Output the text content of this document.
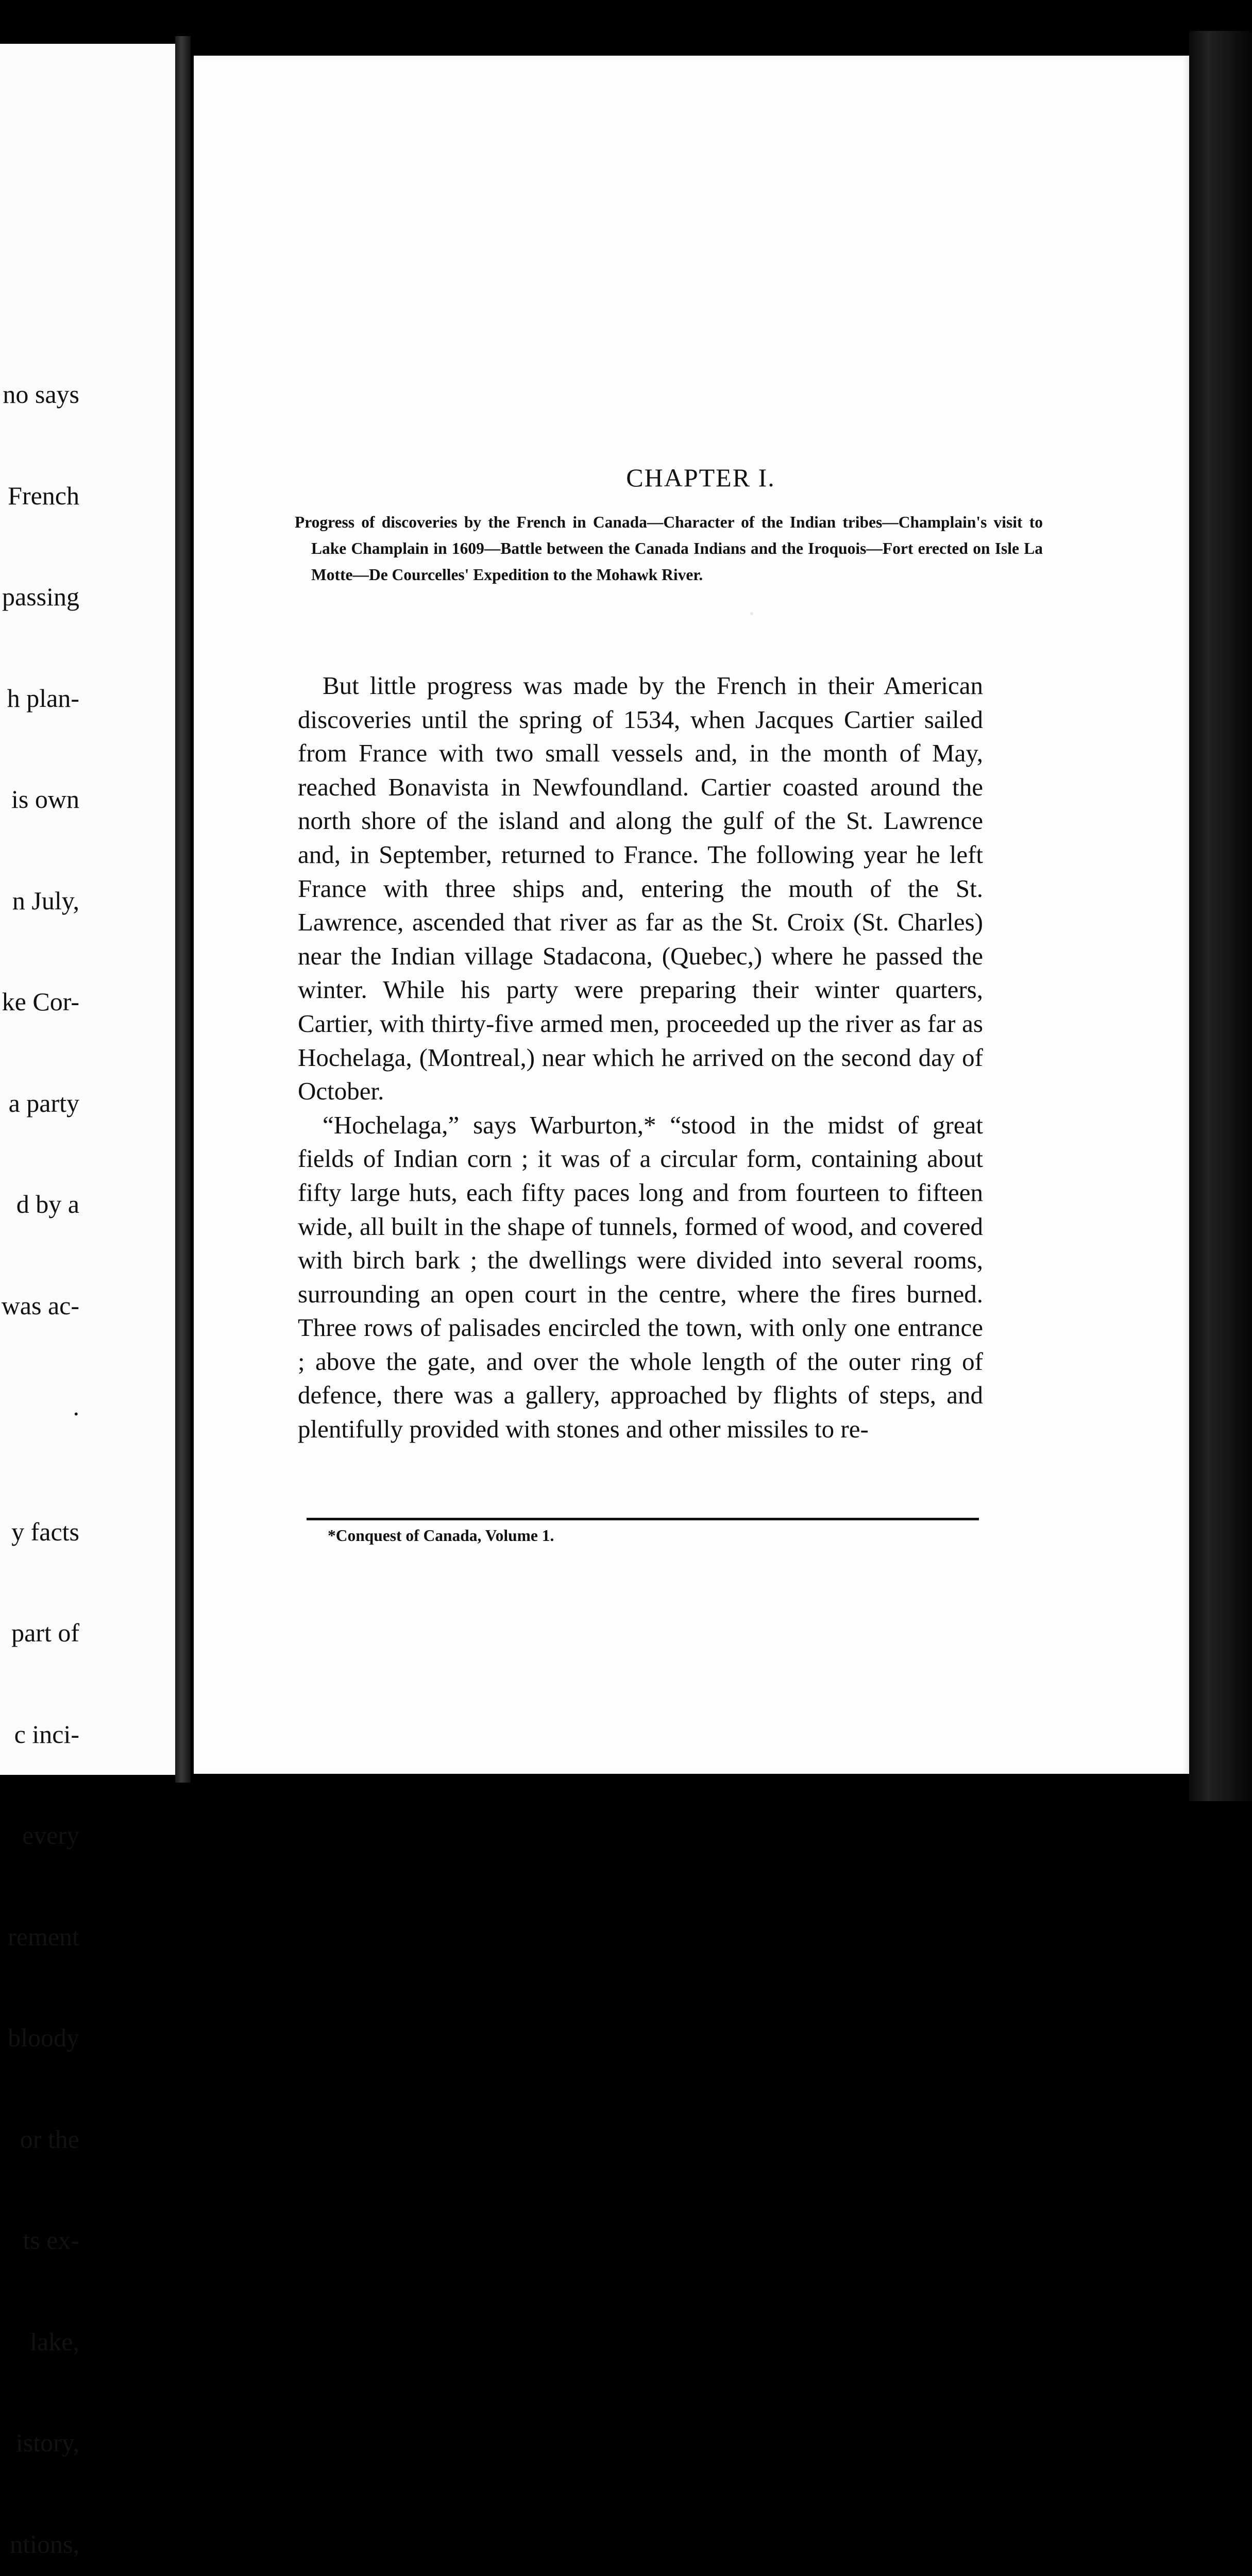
no says

French

passing

h plan-

is own

n July,

ke Cor-

a party

d by a

was ac-

.

y facts

part of

c inci-

every

rement

bloody

or the

ts ex-

lake,

istory,

ntions,

CHAPTER I.

Progress of discoveries by the French in Canada—Character of the Indian tribes—Champlain's visit to Lake Champlain in 1609—Battle between the Canada Indians and the Iroquois—Fort erected on Isle La Motte—De Courcelles' Expedition to the Mohawk River.

But little progress was made by the French in their American discoveries until the spring of 1534, when Jacques Cartier sailed from France with two small vessels and, in the month of May, reached Bonavista in Newfoundland. Cartier coasted around the north shore of the island and along the gulf of the St. Lawrence and, in September, returned to France. The following year he left France with three ships and, entering the mouth of the St. Lawrence, ascended that river as far as the St. Croix (St. Charles) near the Indian village Stadacona, (Quebec,) where he passed the winter. While his party were preparing their winter quarters, Cartier, with thirty-five armed men, proceeded up the river as far as Hochelaga, (Montreal,) near which he arrived on the second day of October.

“Hochelaga,” says Warburton,* “stood in the midst of great fields of Indian corn ; it was of a circular form, containing about fifty large huts, each fifty paces long and from fourteen to fifteen wide, all built in the shape of tunnels, formed of wood, and covered with birch bark ; the dwellings were divided into several rooms, surrounding an open court in the centre, where the fires burned. Three rows of palisades encircled the town, with only one entrance ; above the gate, and over the whole length of the outer ring of defence, there was a gallery, approached by flights of steps, and plentifully provided with stones and other missiles to re-

*Conquest of Canada, Volume 1.
